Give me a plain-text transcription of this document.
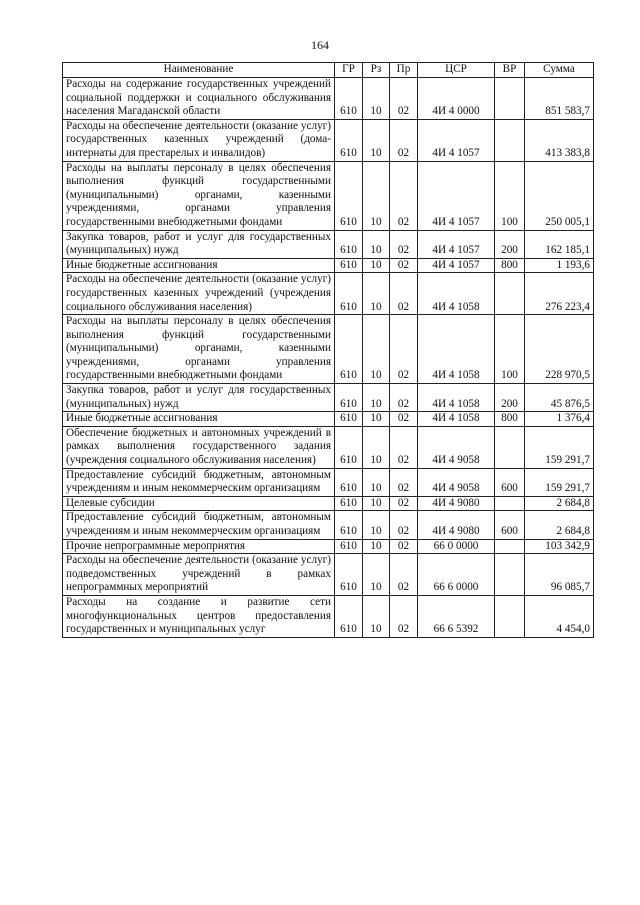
164
Наименование	ГР	Рз	Пр	ЦСР	ВР	Сумма
Расходы на содержание государственных учреждений социальной поддержки и социального обслуживания населения Магаданской области	610	10	02	4И 4 0000		851 583,7
Расходы на обеспечение деятельности (оказание услуг) государственных казенных учреждений (дома-интернаты для престарелых и инвалидов)	610	10	02	4И 4 1057		413 383,8
Расходы на выплаты персоналу в целях обеспечения выполнения функций государственными (муниципальными) органами, казенными учреждениями, органами управления государственными внебюджетными фондами	610	10	02	4И 4 1057	100	250 005,1
Закупка товаров, работ и услуг для государственных (муниципальных) нужд	610	10	02	4И 4 1057	200	162 185,1
Иные бюджетные ассигнования	610	10	02	4И 4 1057	800	1 193,6
Расходы на обеспечение деятельности (оказание услуг) государственных казенных учреждений (учреждения социального обслуживания населения)	610	10	02	4И 4 1058		276 223,4
Расходы на выплаты персоналу в целях обеспечения выполнения функций государственными (муниципальными) органами, казенными учреждениями, органами управления государственными внебюджетными фондами	610	10	02	4И 4 1058	100	228 970,5
Закупка товаров, работ и услуг для государственных (муниципальных) нужд	610	10	02	4И 4 1058	200	45 876,5
Иные бюджетные ассигнования	610	10	02	4И 4 1058	800	1 376,4
Обеспечение бюджетных и автономных учреждений в рамках выполнения государственного задания (учреждения социального обслуживания населения)	610	10	02	4И 4 9058		159 291,7
Предоставление субсидий бюджетным, автономным учреждениям и иным некоммерческим организациям	610	10	02	4И 4 9058	600	159 291,7
Целевые субсидии	610	10	02	4И 4 9080		2 684,8
Предоставление субсидий бюджетным, автономным учреждениям и иным некоммерческим организациям	610	10	02	4И 4 9080	600	2 684,8
Прочие непрограммные мероприятия	610	10	02	66 0 0000		103 342,9
Расходы на обеспечение деятельности (оказание услуг) подведомственных учреждений в рамках непрограммных мероприятий	610	10	02	66 6 0000		96 085,7
Расходы на создание и развитие сети многофункциональных центров предоставления государственных и муниципальных услуг	610	10	02	66 6 5392		4 454,0
